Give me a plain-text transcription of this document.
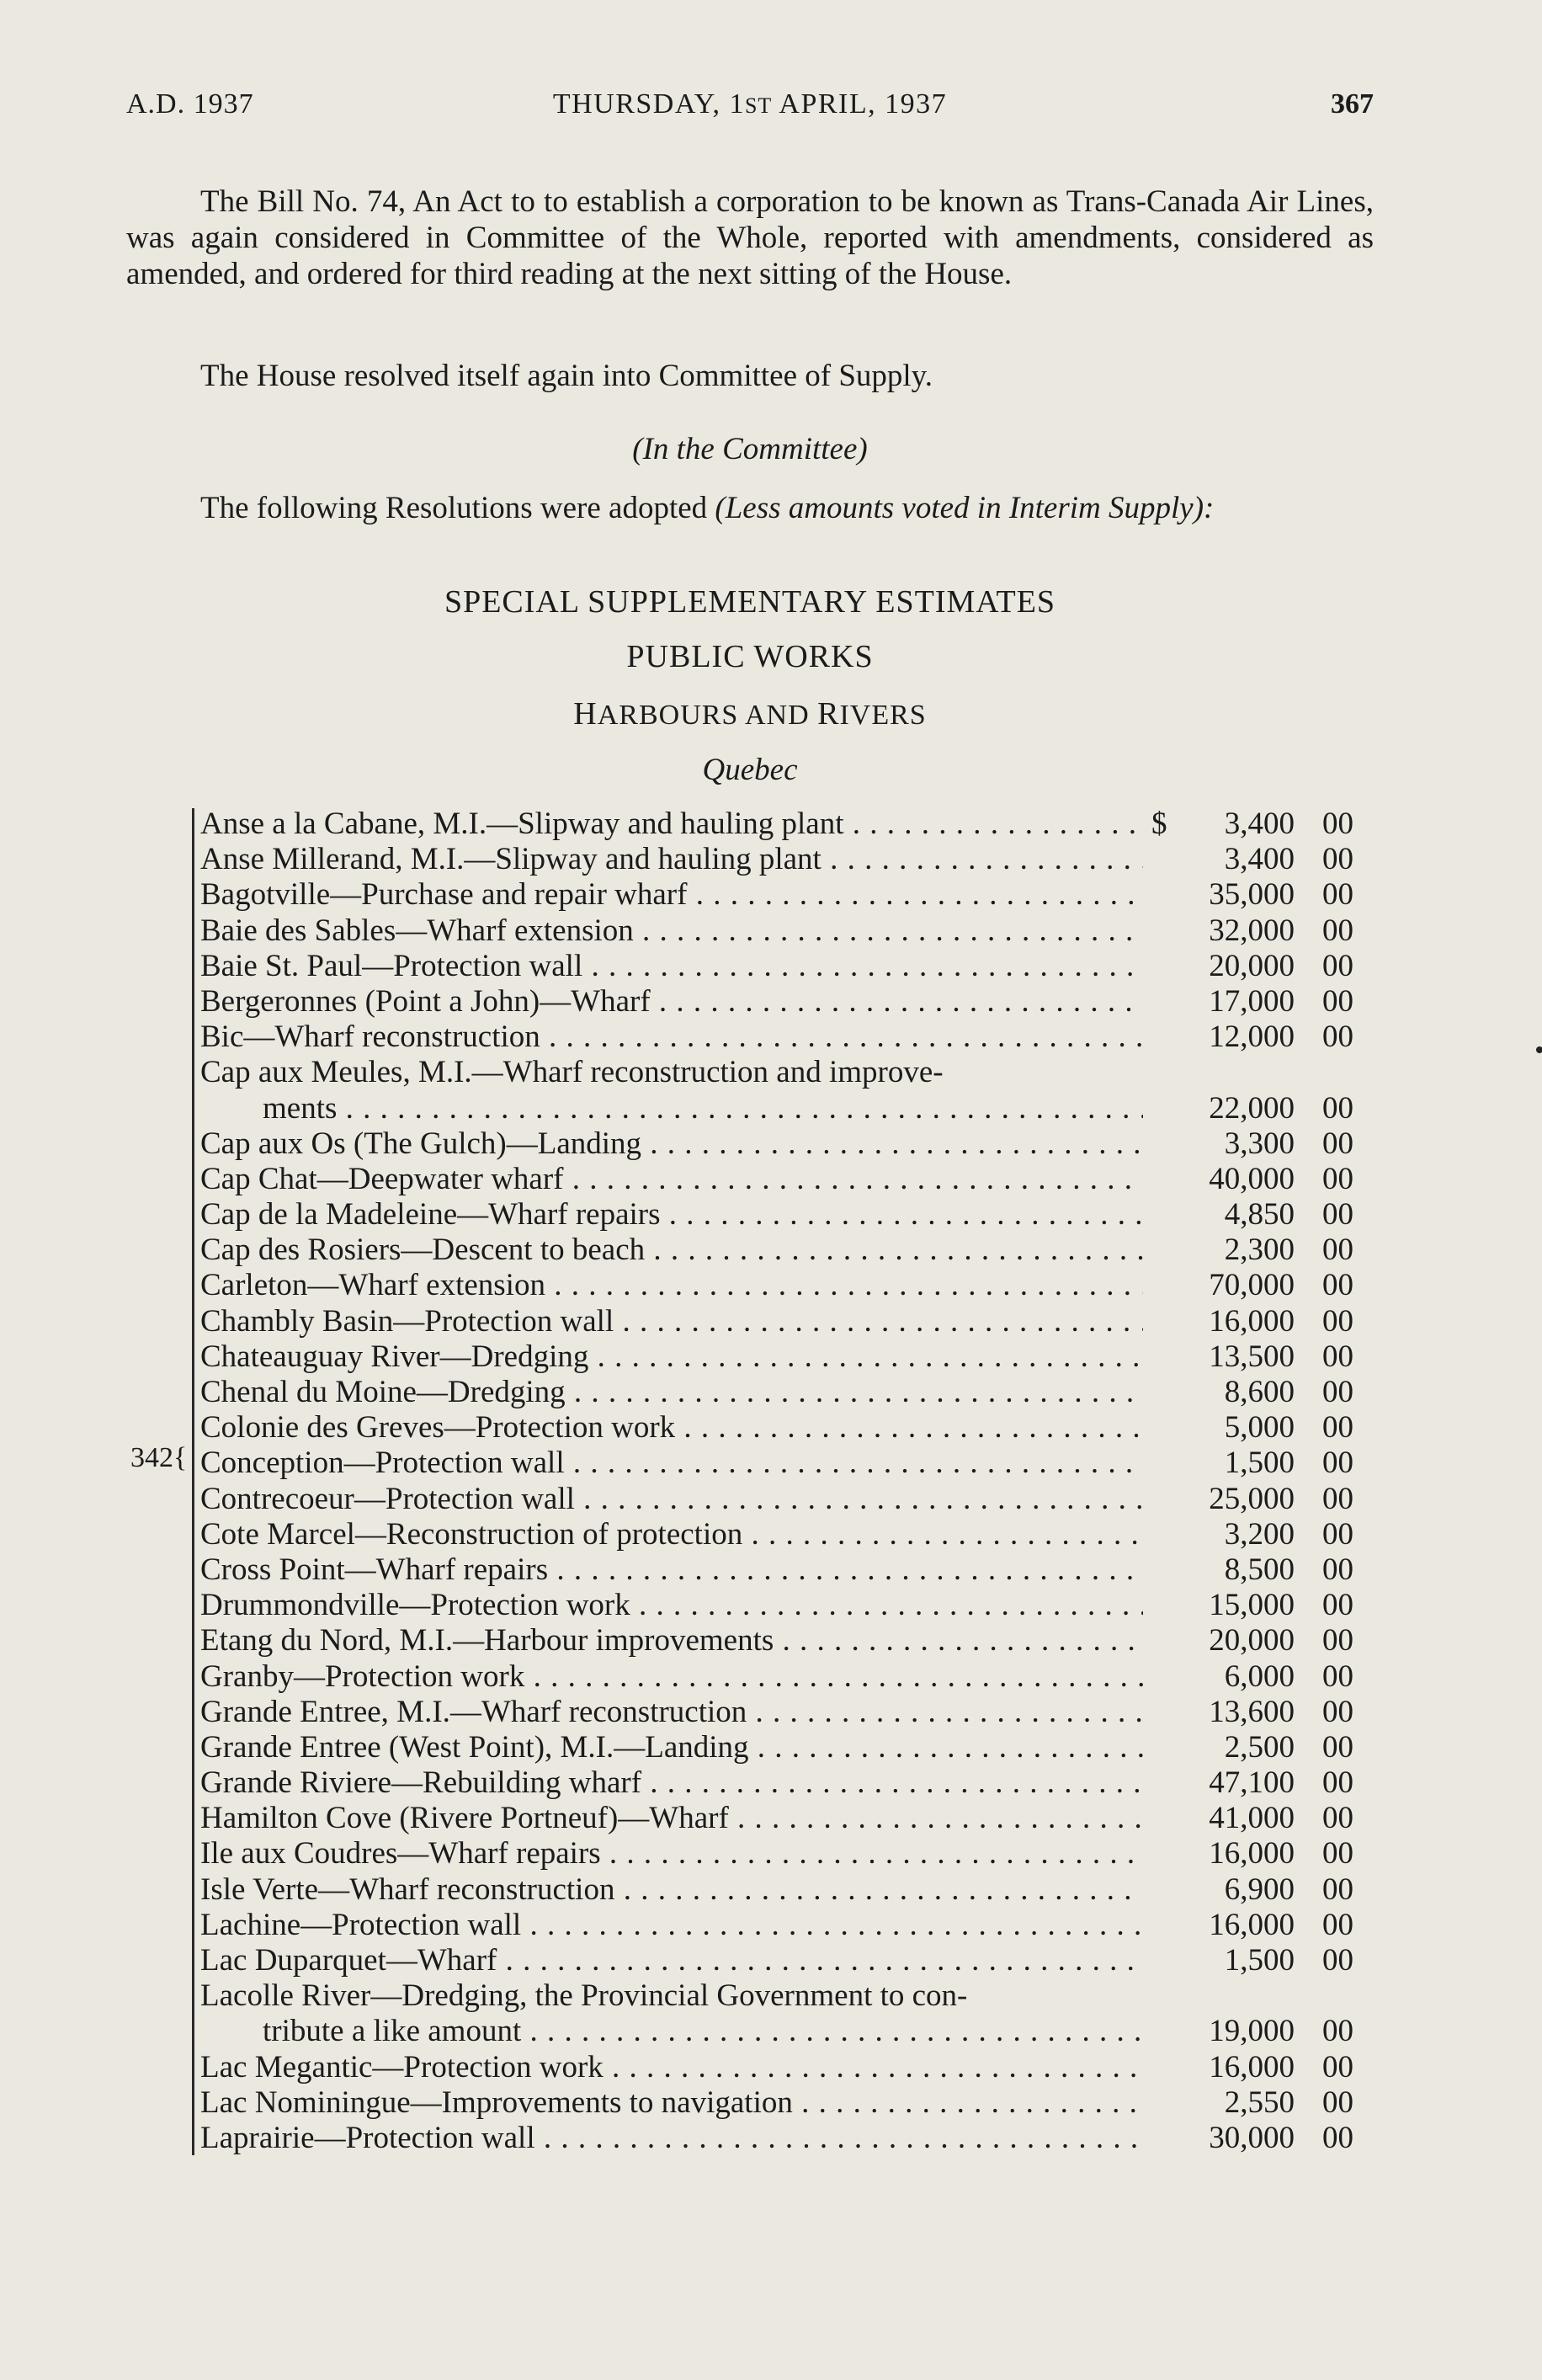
A.D. 1937	THURSDAY, 1ST APRIL, 1937	367
The Bill No. 74, An Act to to establish a corporation to be known as Trans-Canada Air Lines, was again considered in Committee of the Whole, reported with amendments, considered as amended, and ordered for third reading at the next sitting of the House.
The House resolved itself again into Committee of Supply.
(In the Committee)
The following Resolutions were adopted (Less amounts voted in Interim Supply):
SPECIAL SUPPLEMENTARY ESTIMATES
PUBLIC WORKS
HARBOURS AND RIVERS
Quebec
342{
Anse a la Cabane, M.I.—Slipway and hauling plant . . .	$	3,400 00
Anse Millerand, M.I.—Slipway and hauling plant . . .	3,400 00
Bagotville—Purchase and repair wharf . . .	35,000 00
Baie des Sables—Wharf extension . . .	32,000 00
Baie St. Paul—Protection wall . . .	20,000 00
Bergeronnes (Point a John)—Wharf . . .	17,000 00
Bic—Wharf reconstruction . . .	12,000 00
Cap aux Meules, M.I.—Wharf reconstruction and improve-
ments . . .	22,000 00
Cap aux Os (The Gulch)—Landing . . .	3,300 00
Cap Chat—Deepwater wharf . . .	40,000 00
Cap de la Madeleine—Wharf repairs . . .	4,850 00
Cap des Rosiers—Descent to beach . . .	2,300 00
Carleton—Wharf extension . . .	70,000 00
Chambly Basin—Protection wall . . .	16,000 00
Chateauguay River—Dredging . . .	13,500 00
Chenal du Moine—Dredging . . .	8,600 00
Colonie des Greves—Protection work . . .	5,000 00
Conception—Protection wall . . .	1,500 00
Contrecoeur—Protection wall . . .	25,000 00
Cote Marcel—Reconstruction of protection . . .	3,200 00
Cross Point—Wharf repairs . . .	8,500 00
Drummondville—Protection work . . .	15,000 00
Etang du Nord, M.I.—Harbour improvements . . .	20,000 00
Granby—Protection work . . .	6,000 00
Grande Entree, M.I.—Wharf reconstruction . . .	13,600 00
Grande Entree (West Point), M.I.—Landing . . .	2,500 00
Grande Riviere—Rebuilding wharf . . .	47,100 00
Hamilton Cove (Rivere Portneuf)—Wharf . . .	41,000 00
Ile aux Coudres—Wharf repairs . . .	16,000 00
Isle Verte—Wharf reconstruction . . .	6,900 00
Lachine—Protection wall . . .	16,000 00
Lac Duparquet—Wharf . . .	1,500 00
Lacolle River—Dredging, the Provincial Government to con-
tribute a like amount . . .	19,000 00
Lac Megantic—Protection work . . .	16,000 00
Lac Nominingue—Improvements to navigation . . .	2,550 00
Laprairie—Protection wall . . .	30,000 00
